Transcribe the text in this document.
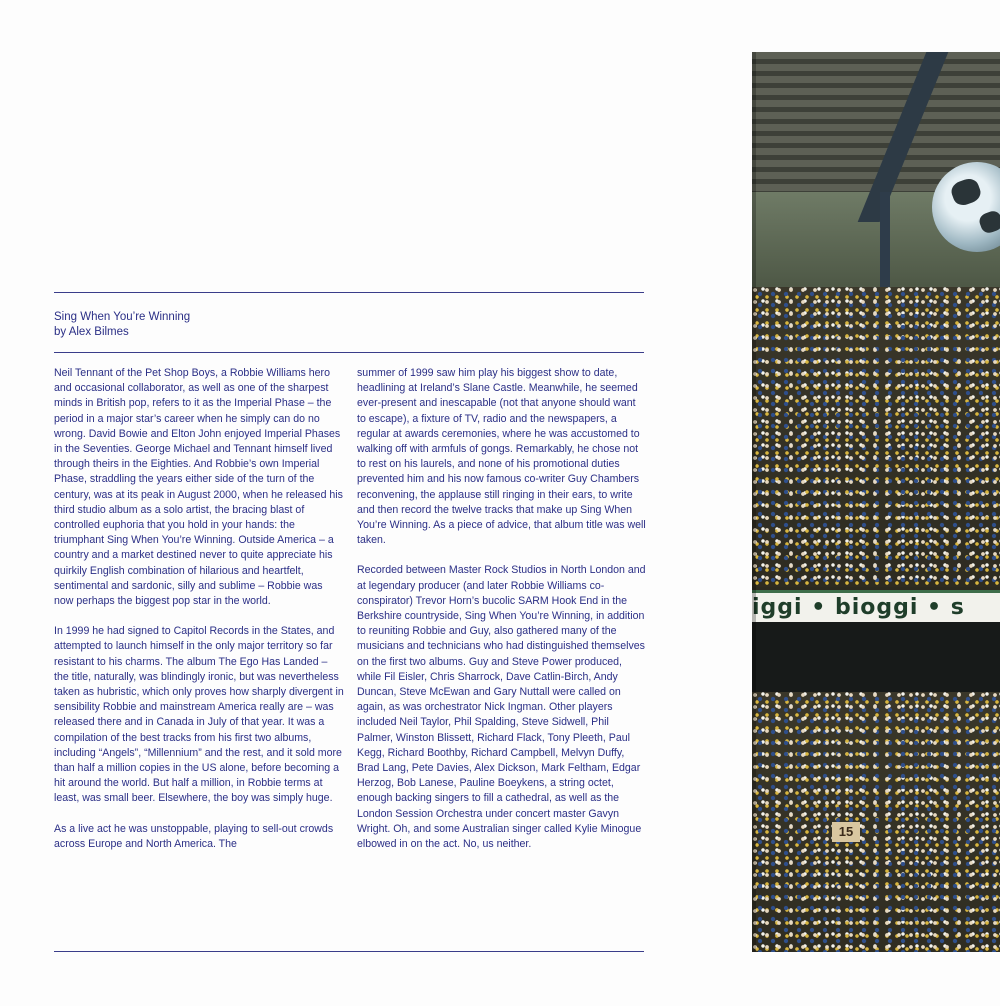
Sing When You’re Winning
by Alex Bilmes

Neil Tennant of the Pet Shop Boys, a Robbie Williams hero and occasional collaborator, as well as one of the sharpest minds in British pop, refers to it as the Imperial Phase – the period in a major star’s career when he simply can do no wrong. David Bowie and Elton John enjoyed Imperial Phases in the Seventies. George Michael and Tennant himself lived through theirs in the Eighties. And Robbie’s own Imperial Phase, straddling the years either side of the turn of the century, was at its peak in August 2000, when he released his third studio album as a solo artist, the bracing blast of controlled euphoria that you hold in your hands: the triumphant Sing When You’re Winning. Outside America – a country and a market destined never to quite appreciate his quirkily English combination of hilarious and heartfelt, sentimental and sardonic, silly and sublime – Robbie was now perhaps the biggest pop star in the world.

In 1999 he had signed to Capitol Records in the States, and attempted to launch himself in the only major territory so far resistant to his charms. The album The Ego Has Landed – the title, naturally, was blindingly ironic, but was nevertheless taken as hubristic, which only proves how sharply divergent in sensibility Robbie and mainstream America really are – was released there and in Canada in July of that year. It was a compilation of the best tracks from his first two albums, including “Angels”, “Millennium” and the rest, and it sold more than half a million copies in the US alone, before becoming a hit around the world. But half a million, in Robbie terms at least, was small beer. Elsewhere, the boy was simply huge.

As a live act he was unstoppable, playing to sell-out crowds across Europe and North America. The

summer of 1999 saw him play his biggest show to date, headlining at Ireland’s Slane Castle. Meanwhile, he seemed ever-present and inescapable (not that anyone should want to escape), a fixture of TV, radio and the newspapers, a regular at awards ceremonies, where he was accustomed to walking off with armfuls of gongs. Remarkably, he chose not to rest on his laurels, and none of his promotional duties prevented him and his now famous co-writer Guy Chambers reconvening, the applause still ringing in their ears, to write and then record the twelve tracks that make up Sing When You’re Winning. As a piece of advice, that album title was well taken.

Recorded between Master Rock Studios in North London and at legendary producer (and later Robbie Williams co-conspirator) Trevor Horn’s bucolic SARM Hook End in the Berkshire countryside, Sing When You’re Winning, in addition to reuniting Robbie and Guy, also gathered many of the musicians and technicians who had distinguished themselves on the first two albums. Guy and Steve Power produced, while Fil Eisler, Chris Sharrock, Dave Catlin-Birch, Andy Duncan, Steve McEwan and Gary Nuttall were called on again, as was orchestrator Nick Ingman. Other players included Neil Taylor, Phil Spalding, Steve Sidwell, Phil Palmer, Winston Blissett, Richard Flack, Tony Pleeth, Paul Kegg, Richard Boothby, Richard Campbell, Melvyn Duffy, Brad Lang, Pete Davies, Alex Dickson, Mark Feltham, Edgar Herzog, Bob Lanese, Pauline Boeykens, a string octet, enough backing singers to fill a cathedral, as well as the London Session Orchestra under concert master Gavyn Wright. Oh, and some Australian singer called Kylie Minogue elbowed in on the act. No, us neither.

iggi • bioggi • s
15
